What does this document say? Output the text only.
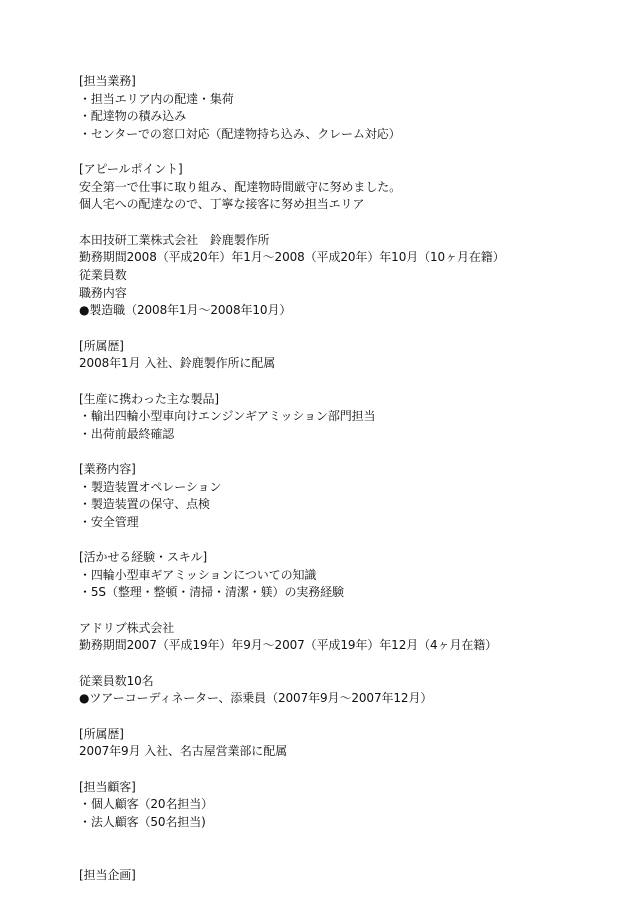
[担当業務]
・担当エリア内の配達・集荷
・配達物の積み込み
・センターでの窓口対応（配達物持ち込み、クレーム対応）
[アピールポイント]
安全第一で仕事に取り組み、配達物時間厳守に努めました。
個人宅への配達なので、丁寧な接客に努め担当エリア
本田技研工業株式会社　鈴鹿製作所
勤務期間2008（平成20年）年1月〜2008（平成20年）年10月（10ヶ月在籍）
従業員数
職務内容
●製造職（2008年1月〜2008年10月）
[所属歴]
2008年1月 入社、鈴鹿製作所に配属
[生産に携わった主な製品]
・輸出四輪小型車向けエンジンギアミッション部門担当
・出荷前最終確認
[業務内容]
・製造装置オペレーション
・製造装置の保守、点検
・安全管理
[活かせる経験・スキル]
・四輪小型車ギアミッションについての知識
・5S（整理・整頓・清掃・清潔・躾）の実務経験
アドリブ株式会社
勤務期間2007（平成19年）年9月〜2007（平成19年）年12月（4ヶ月在籍）
従業員数10名
●ツアーコーディネーター、添乗員（2007年9月〜2007年12月）
[所属歴]
2007年9月 入社、名古屋営業部に配属
[担当顧客]
・個人顧客（20名担当）
・法人顧客（50名担当)
[担当企画]
